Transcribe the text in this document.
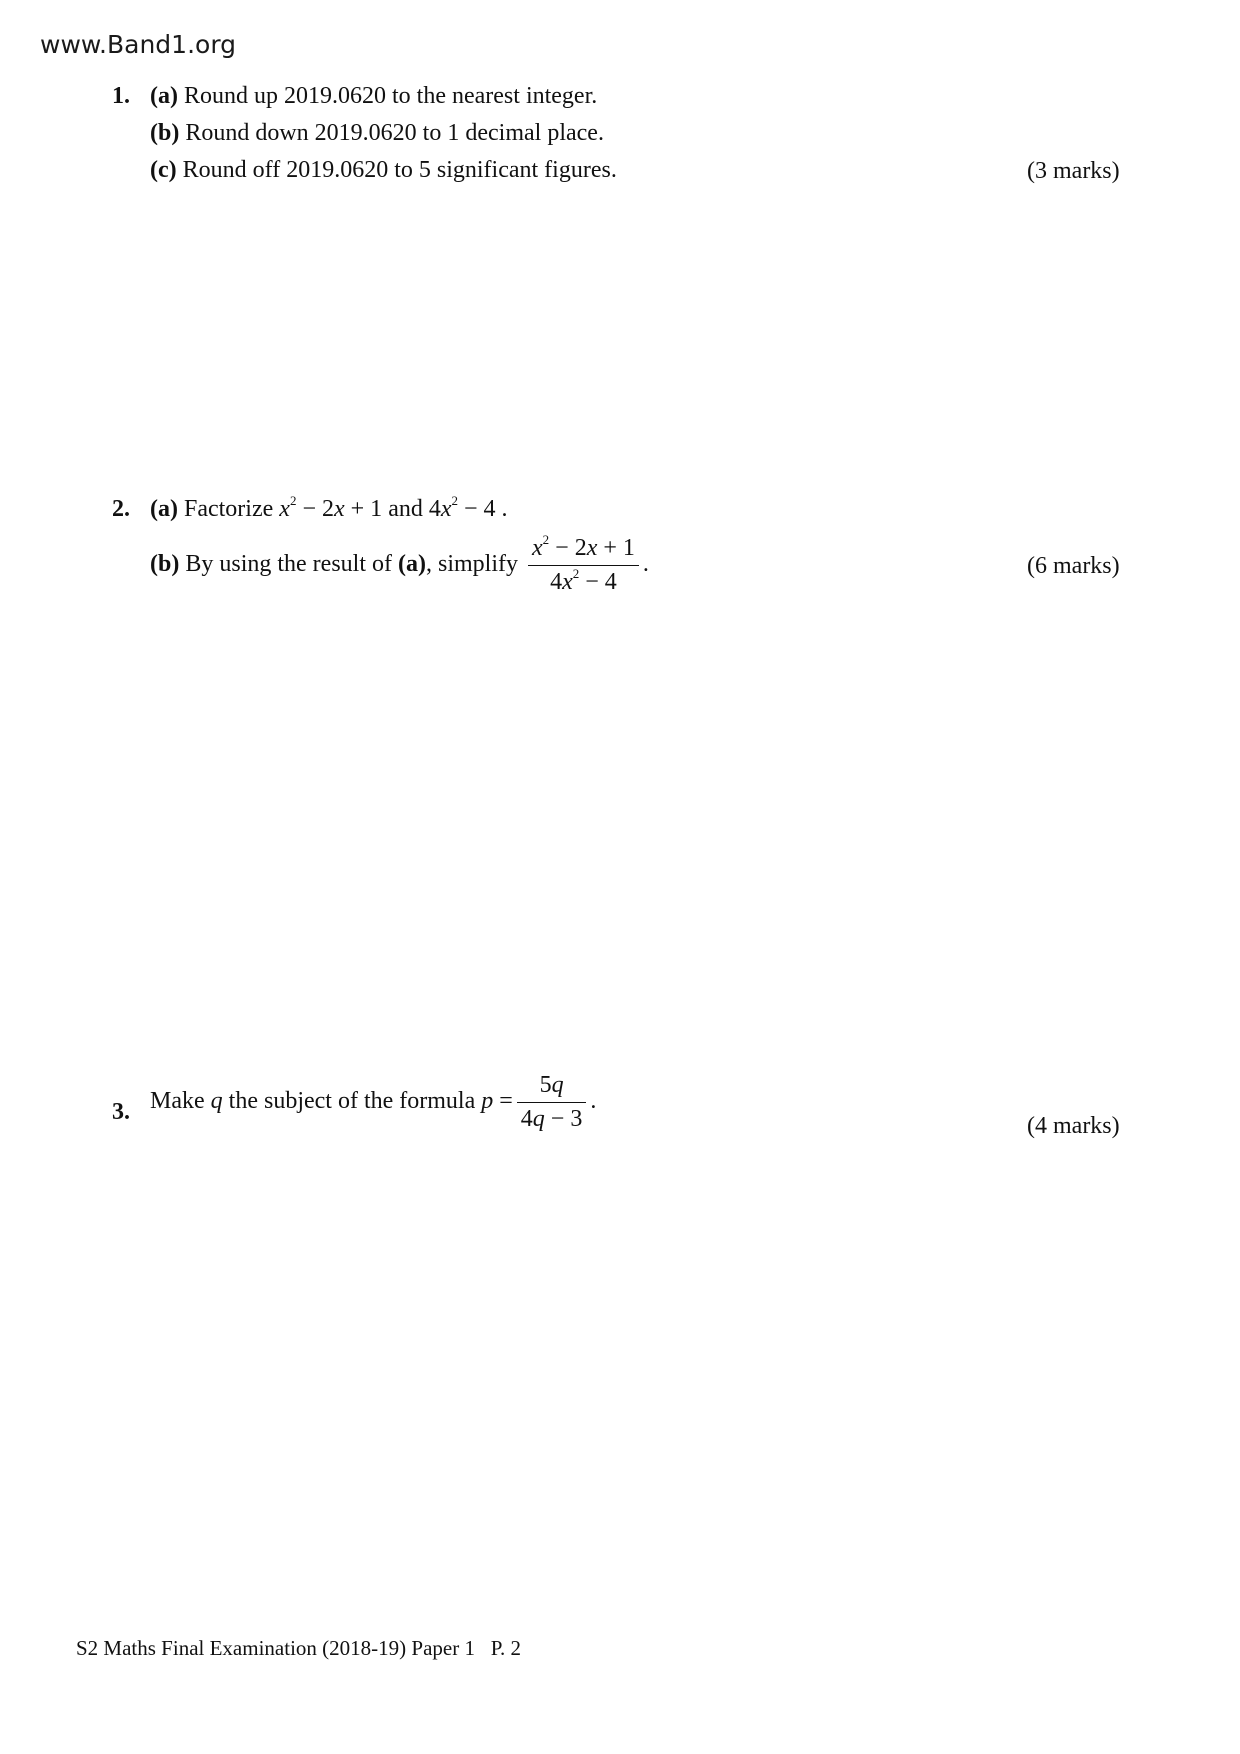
www.Band1.org
1. (a) Round up 2019.0620 to the nearest integer.
(b) Round down 2019.0620 to 1 decimal place.
(c) Round off 2019.0620 to 5 significant figures.	(3 marks)
2. (a) Factorize $x^2 - 2x + 1$ and $4x^2 - 4$ .
(b) By using the result of (a), simplify $\frac{x^2 - 2x + 1}{4x^2 - 4}$ .	(6 marks)
3. Make q the subject of the formula $p = \frac{5q}{4q - 3}$ .
(4 marks)
S2 Maths Final Examination (2018-19) Paper 1 P. 2
